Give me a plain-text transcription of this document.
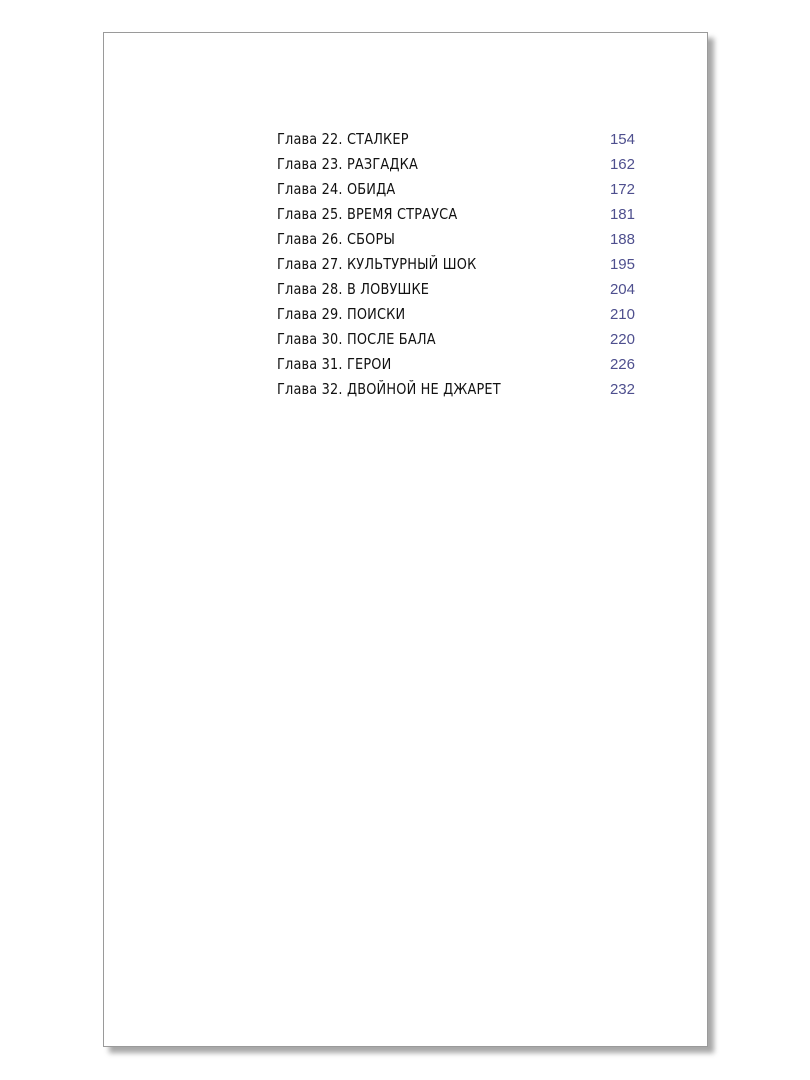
Глава 22. СТАЛКЕР	154
Глава 23. РАЗГАДКА	162
Глава 24. ОБИДА	172
Глава 25. ВРЕМЯ СТРАУСА	181
Глава 26. СБОРЫ	188
Глава 27. КУЛЬТУРНЫЙ ШОК	195
Глава 28. В ЛОВУШКЕ	204
Глава 29. ПОИСКИ	210
Глава 30. ПОСЛЕ БАЛА	220
Глава 31. ГЕРОИ	226
Глава 32. ДВОЙНОЙ НЕ ДЖАРЕТ	232
